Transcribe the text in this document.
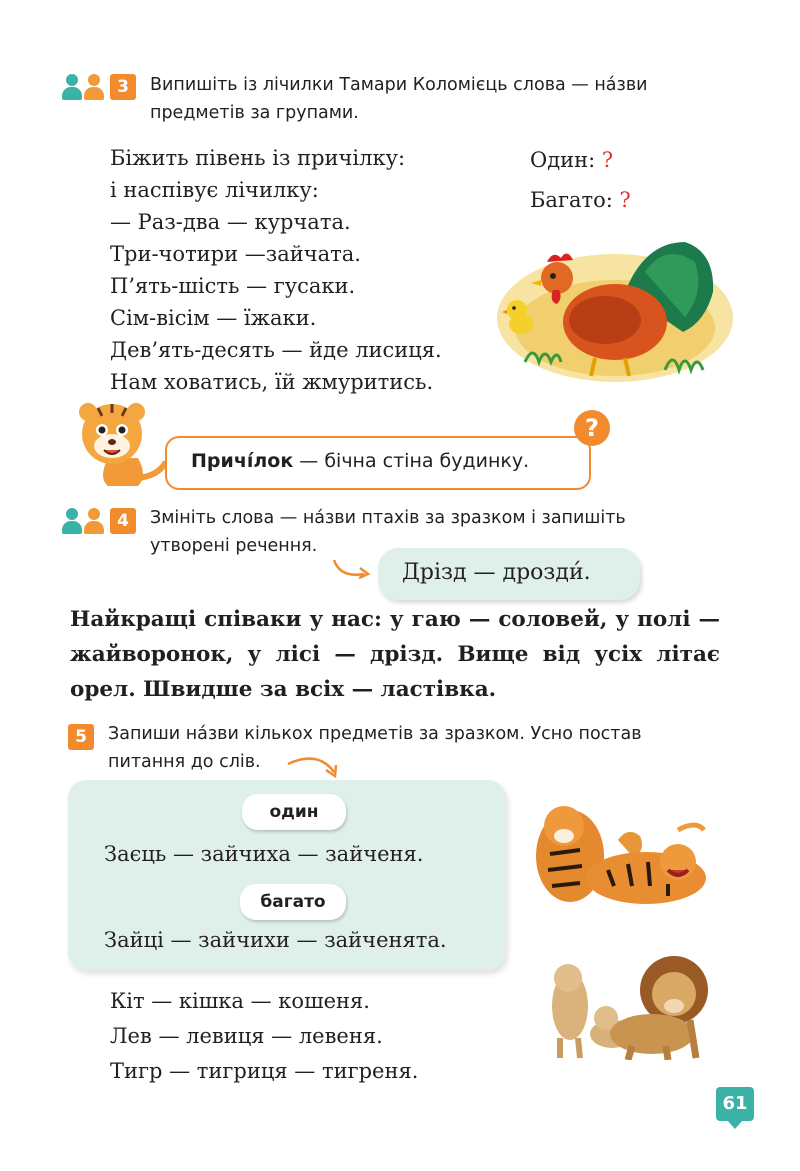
3	Випишіть із лічилки Тамари Коломієць слова — на́зви
предметів за групами.
Біжить півень із причілку:
і наспівує лічилку:
— Раз-два — курчата.
Три-чотири —зайчата.
П’ять-шість — гусаки.
Сім-вісім — їжаки.
Дев’ять-десять — йде лисиця.
Нам ховатись, їй жмуритись.
Один: ?
Багато: ?
Причі́лок — бічна стіна будинку.
?
4	Змініть слова — на́зви птахів за зразком і запишіть
утворені речення.
Дрізд — дрозди́.
Найкращі співаки у нас: у гаю — соловей, у полі — жайворонок, у лісі — дрізд. Вище від усіх літає орел. Швидше за всіх — ластівка.
5	Запиши на́зви кількох предметів за зразком. Усно постав
питання до слів.
один
Заєць — зайчиха — зайченя.
багато
Зайці — зайчихи — зайченята.
Кіт — кішка — кошеня.
Лев — левиця — левеня.
Тигр — тигриця — тигреня.
61
